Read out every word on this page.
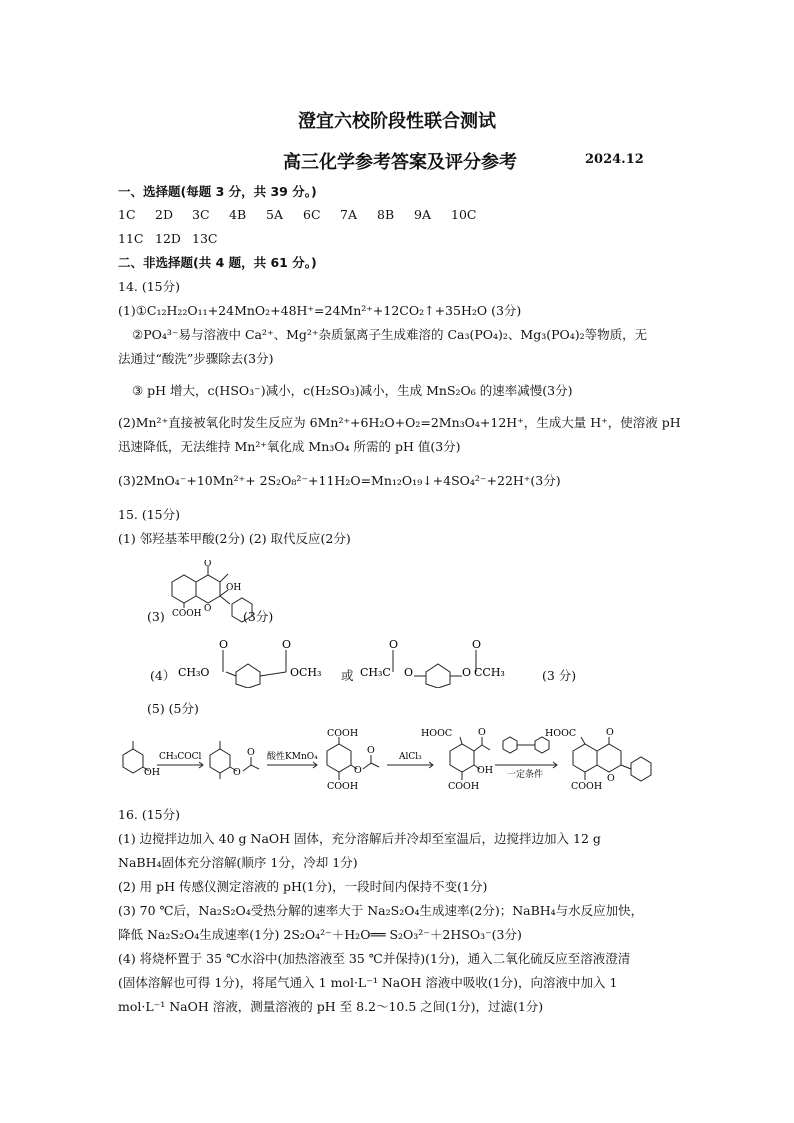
澄宜六校阶段性联合测试
高三化学参考答案及评分参考	2024.12
一、选择题(每题 3 分，共 39 分。)
1C 2D 3C 4B 5A 6C 7A 8B 9A 10C
11C 12D 13C
二、非选择题(共 4 题，共 61 分。)
14. (15分)
(1)①C₁₂H₂₂O₁₁+24MnO₂+48H⁺=24Mn²⁺+12CO₂↑+35H₂O (3分)
②PO₄³⁻易与溶液中 Ca²⁺、Mg²⁺杂质氯离子生成难溶的 Ca₃(PO₄)₂、Mg₃(PO₄)₂等物质，无
法通过“酸洗”步骤除去(3分)
③ pH 增大，c(HSO₃⁻)减小，c(H₂SO₃)减小，生成 MnS₂O₆ 的速率减慢(3分)
(2)Mn²⁺直接被氧化时发生反应为 6Mn²⁺+6H₂O+O₂=2Mn₃O₄+12H⁺，生成大量 H⁺，使溶液 pH
迅速降低，无法维持 Mn²⁺氧化成 Mn₃O₄ 所需的 pH 值(3分)
(3)2MnO₄⁻+10Mn²⁺+ 2S₂O₈²⁻+11H₂O=Mn₁₂O₁₉↓+4SO₄²⁻+22H⁺(3分)
15. (15分)
(1) 邻羟基苯甲酸(2分) (2) 取代反应(2分)
(3)
O
OH
O
COOH	(3分)
(4） CH₃O
O
OCH₃
O
或 CH₃C
O
O	O
O
CCH₃	(3 分)
(5) (5分)
OH
CH₃COCl
O
O 酸性KMnO₄
COOH
O
O
COOH
AlCl₃
HOOC	O
OH
COOH
一定条件
HOOC	O
O
COOH
16. (15分)
(1) 边搅拌边加入 40 g NaOH 固体，充分溶解后并冷却至室温后，边搅拌边加入 12 g
NaBH₄固体充分溶解(顺序 1分，冷却 1分)
(2) 用 pH 传感仪测定溶液的 pH(1分)，一段时间内保持不变(1分)
(3) 70 ℃后，Na₂S₂O₄受热分解的速率大于 Na₂S₂O₄生成速率(2分)；NaBH₄与水反应加快，
降低 Na₂S₂O₄生成速率(1分) 2S₂O₄²⁻＋H₂O══ S₂O₃²⁻＋2HSO₃⁻(3分)
(4) 将烧杯置于 35 ℃水浴中(加热溶液至 35 ℃并保持)(1分)，通入二氧化硫反应至溶液澄清
(固体溶解也可得 1分)，将尾气通入 1 mol·L⁻¹ NaOH 溶液中吸收(1分)，向溶液中加入 1
mol·L⁻¹ NaOH 溶液，测量溶液的 pH 至 8.2～10.5 之间(1分)，过滤(1分)
